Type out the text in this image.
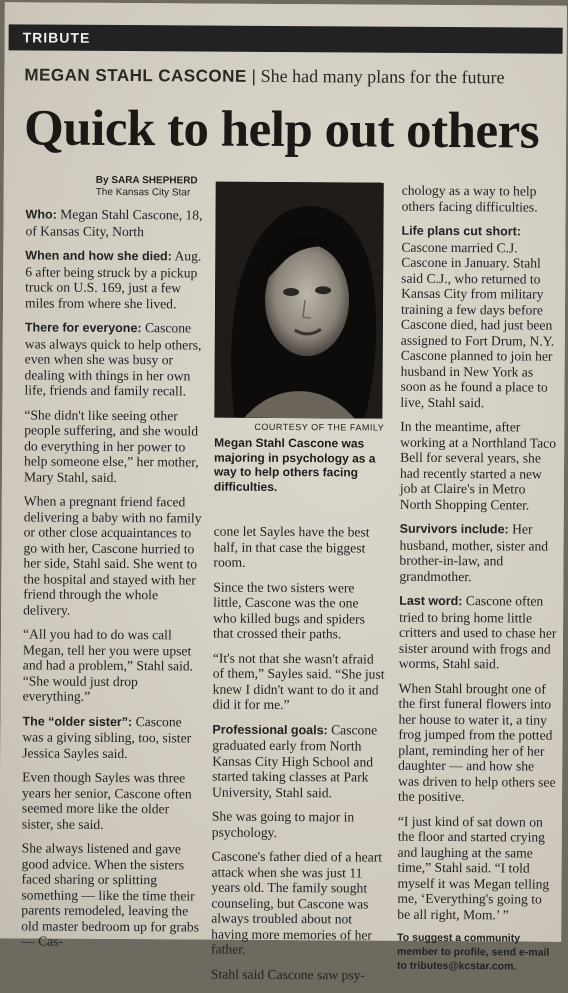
TRIBUTE
MEGAN STAHL CASCONE | She had many plans for the future
Quick to help out others
By SARA SHEPHERD
The Kansas City Star

Who: Megan Stahl Cascone, 18, of Kansas City, North

When and how she died: Aug. 6 after being struck by a pickup truck on U.S. 169, just a few miles from where she lived.

There for everyone: Cascone was always quick to help others, even when she was busy or dealing with things in her own life, friends and family recall.

“She didn't like seeing other people suffering, and she would do everything in her power to help someone else,” her mother, Mary Stahl, said.

When a pregnant friend faced delivering a baby with no family or other close acquaintances to go with her, Cascone hurried to her side, Stahl said. She went to the hospital and stayed with her friend through the whole delivery.

“All you had to do was call Megan, tell her you were upset and had a problem,” Stahl said. “She would just drop everything.”

The “older sister”: Cascone was a giving sibling, too, sister Jessica Sayles said.

Even though Sayles was three years her senior, Cascone often seemed more like the older sister, she said.

She always listened and gave good advice. When the sisters faced sharing or splitting something — like the time their parents remodeled, leaving the old master bedroom up for grabs — Cas-

COURTESY OF THE FAMILY
Megan Stahl Cascone was majoring in psychology as a way to help others facing difficulties.

cone let Sayles have the best half, in that case the biggest room.

Since the two sisters were little, Cascone was the one who killed bugs and spiders that crossed their paths.

“It's not that she wasn't afraid of them,” Sayles said. “She just knew I didn't want to do it and did it for me.”

Professional goals: Cascone graduated early from North Kansas City High School and started taking classes at Park University, Stahl said.

She was going to major in psychology.

Cascone's father died of a heart attack when she was just 11 years old. The family sought counseling, but Cascone was always troubled about not having more memories of her father.

Stahl said Cascone saw psy-

chology as a way to help others facing difficulties.

Life plans cut short: Cascone married C.J. Cascone in January. Stahl said C.J., who returned to Kansas City from military training a few days before Cascone died, had just been assigned to Fort Drum, N.Y. Cascone planned to join her husband in New York as soon as he found a place to live, Stahl said.

In the meantime, after working at a Northland Taco Bell for several years, she had recently started a new job at Claire's in Metro North Shopping Center.

Survivors include: Her husband, mother, sister and brother-in-law, and grandmother.

Last word: Cascone often tried to bring home little critters and used to chase her sister around with frogs and worms, Stahl said.

When Stahl brought one of the first funeral flowers into her house to water it, a tiny frog jumped from the potted plant, reminding her of her daughter — and how she was driven to help others see the positive.

“I just kind of sat down on the floor and started crying and laughing at the same time,” Stahl said. “I told myself it was Megan telling me, ‘Everything's going to be all right, Mom.’ ”

To suggest a community member to profile, send e-mail to tributes@kcstar.com.
